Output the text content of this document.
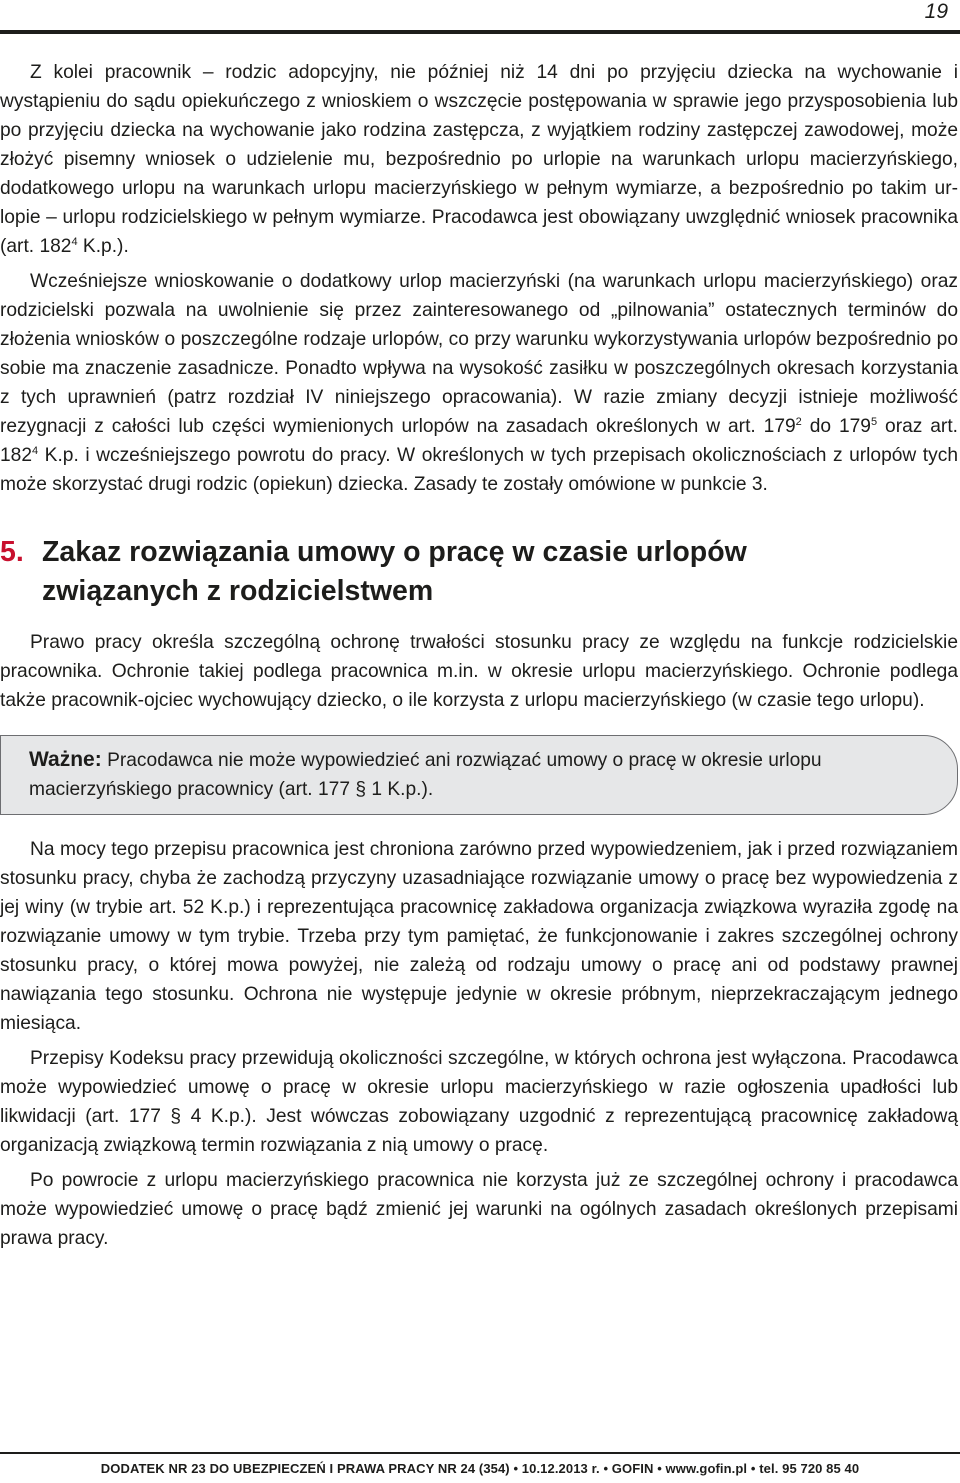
19

Z kolei pracownik – rodzic adopcyjny, nie później niż 14 dni po przyjęciu dziecka na wychowanie i wystąpieniu do sądu opiekuńczego z wnioskiem o wszczęcie postępowania w sprawie jego przysposobienia lub po przyjęciu dziecka na wychowanie jako rodzina zastępcza, z wyjątkiem rodziny zastępczej zawodowej, może złożyć pisemny wniosek o udzielenie mu, bezpośrednio po urlopie na warunkach urlopu macierzyńskiego, dodatkowego urlopu na warunkach urlopu macierzyńskiego w pełnym wymiarze, a bezpośrednio po takim urlopie – urlopu rodzicielskiego w pełnym wymiarze. Pracodawca jest obowiązany uwzględnić wniosek pracownika (art. $182^4$ K.p.).

Wcześniejsze wnioskowanie o dodatkowy urlop macierzyński (na warunkach urlopu macierzyńskiego) oraz rodzicielski pozwala na uwolnienie się przez zainteresowanego od „pilnowania” ostatecznych terminów do złożenia wniosków o poszczególne rodzaje urlopów, co przy warunku wykorzystywania urlopów bezpośrednio po sobie ma znaczenie zasadnicze. Ponadto wpływa na wysokość zasiłku w poszczególnych okresach korzystania z tych uprawnień (patrz rozdział IV niniejszego opracowania). W razie zmiany decyzji istnieje możliwość rezygnacji z całości lub części wymienionych urlopów na zasadach określonych w art. $179^2$ do $179^5$ oraz art. $182^4$ K.p. i wcześniejszego powrotu do pracy. W określonych w tych przepisach okolicznościach z urlopów tych może skorzystać drugi rodzic (opiekun) dziecka. Zasady te zostały omówione w punkcie 3.

5. Zakaz rozwiązania umowy o pracę w czasie urlopów
związanych z rodzicielstwem

Prawo pracy określa szczególną ochronę trwałości stosunku pracy ze względu na funkcje rodzicielskie pracownika. Ochronie takiej podlega pracownica m.in. w okresie urlopu macierzyńskiego. Ochronie podlega także pracownik-ojciec wychowujący dziecko, o ile korzysta z urlopu macierzyńskiego (w czasie tego urlopu).

Ważne: Pracodawca nie może wypowiedzieć ani rozwiązać umowy o pracę w okresie urlopu macierzyńskiego pracownicy (art. 177 § 1 K.p.).

Na mocy tego przepisu pracownica jest chroniona zarówno przed wypowiedzeniem, jak i przed rozwiązaniem stosunku pracy, chyba że zachodzą przyczyny uzasadniające rozwiązanie umowy o pracę bez wypowiedzenia z jej winy (w trybie art. 52 K.p.) i reprezentująca pracownicę zakładowa organizacja związkowa wyraziła zgodę na rozwiązanie umowy w tym trybie. Trzeba przy tym pamiętać, że funkcjonowanie i zakres szczególnej ochrony stosunku pracy, o której mowa powyżej, nie zależą od rodzaju umowy o pracę ani od podstawy prawnej nawiązania tego stosunku. Ochrona nie występuje jedynie w okresie próbnym, nieprzekraczającym jednego miesiąca.

Przepisy Kodeksu pracy przewidują okoliczności szczególne, w których ochrona jest wyłączona. Pracodawca może wypowiedzieć umowę o pracę w okresie urlopu macierzyńskiego w razie ogłoszenia upadłości lub likwidacji (art. 177 § 4 K.p.). Jest wówczas zobowiązany uzgodnić z reprezentującą pracownicę zakładową organizacją związkową termin rozwiązania z nią umowy o pracę.

Po powrocie z urlopu macierzyńskiego pracownica nie korzysta już ze szczególnej ochrony i pracodawca może wypowiedzieć umowę o pracę bądź zmienić jej warunki na ogólnych zasadach określonych przepisami prawa pracy.

DODATEK NR 23 DO UBEZPIECZEŃ I PRAWA PRACY NR 24 (354) • 10.12.2013 r. • GOFIN • www.gofin.pl • tel. 95 720 85 40
